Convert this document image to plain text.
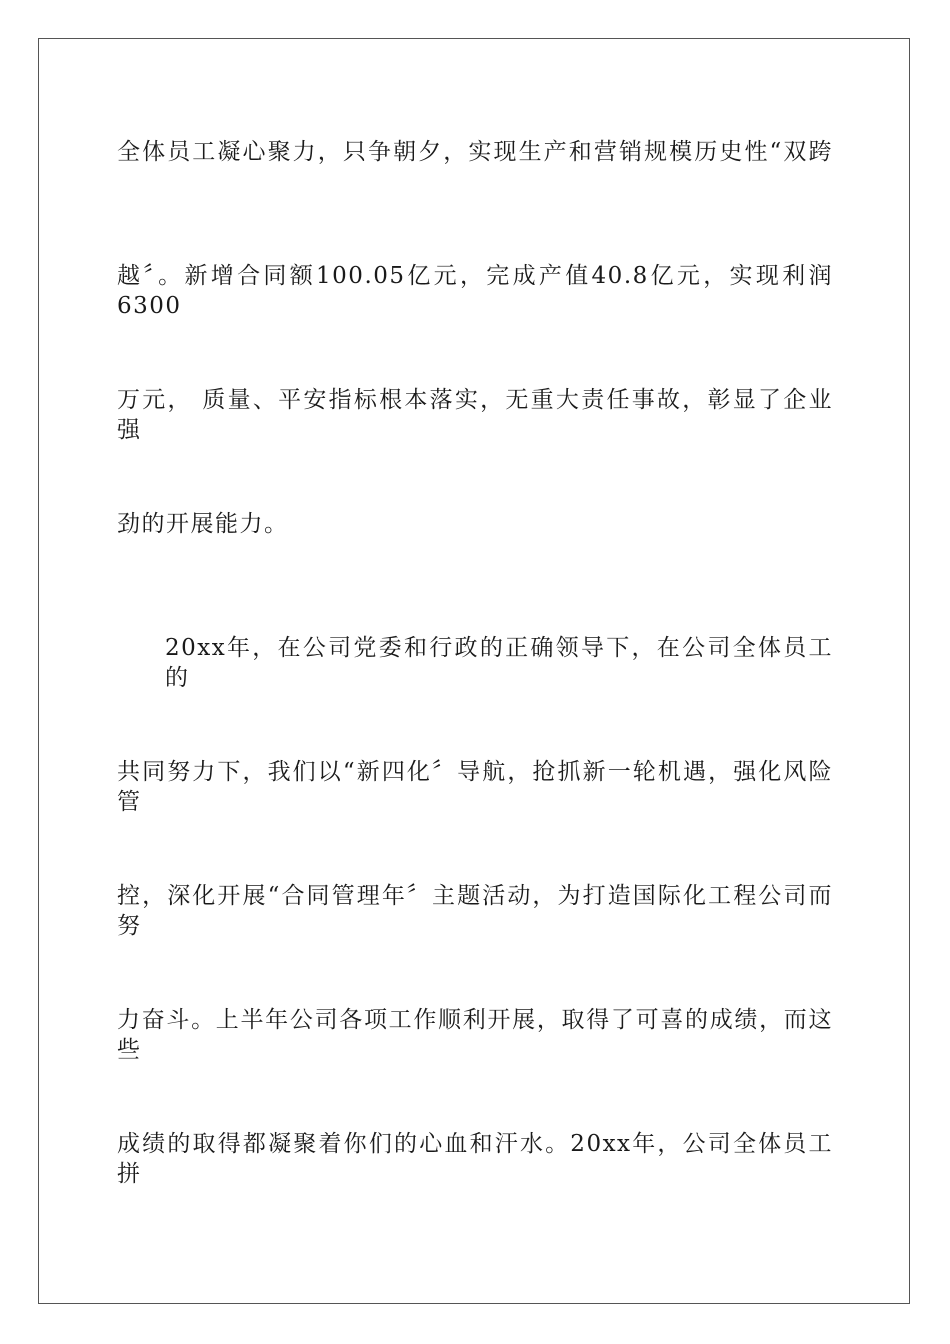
全体员工凝心聚力，只争朝夕，实现生产和营销规模历史性“双跨
越〞。新增合同额100.05亿元，完成产值40.8亿元，实现利润6300
万元， 质量、平安指标根本落实，无重大责任事故，彰显了企业强
劲的开展能力。
20xx年，在公司党委和行政的正确领导下，在公司全体员工的
共同努力下，我们以“新四化〞导航，抢抓新一轮机遇，强化风险管
控，深化开展“合同管理年〞主题活动，为打造国际化工程公司而努
力奋斗。上半年公司各项工作顺利开展，取得了可喜的成绩，而这些
成绩的取得都凝聚着你们的心血和汗水。20xx年，公司全体员工拼
